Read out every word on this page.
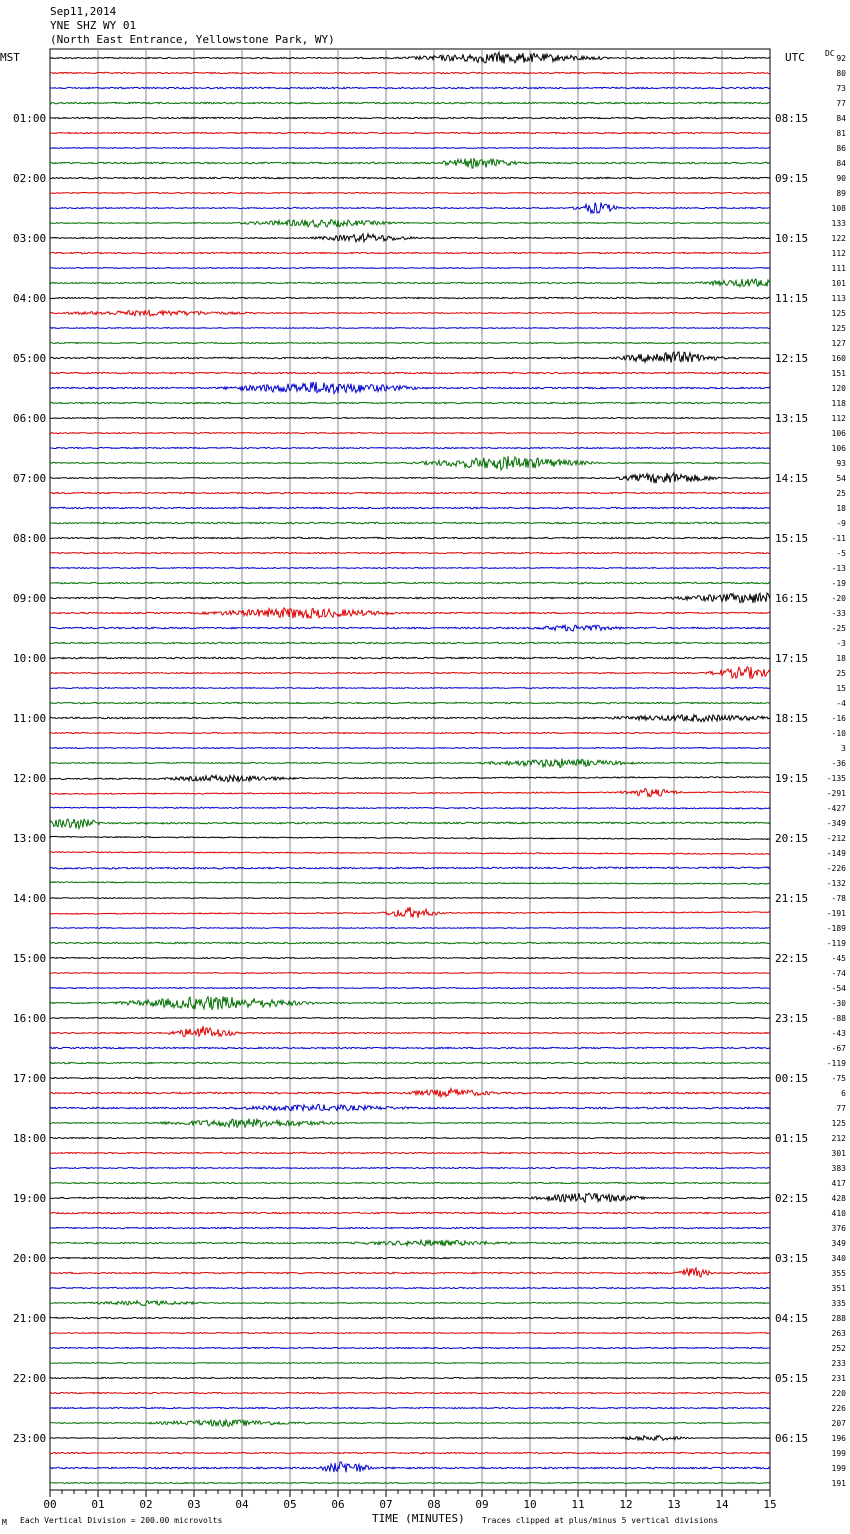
Sep11,2014
YNE SHZ WY 01
(North East Entrance, Yellowstone Park, WY)
MST	UTC	DC
00	01	02	03	04	05	06	07	08	09	10	11	12	13	14	15
92
80
73
77
84
81
86
84
90
89
108
133
122
112
111
101
113
125
125
127
160
151
120
118
112
106
106
93
54
25
18
-9
-11
-5
-13
-19
-20
-33
-25
-3
18
25
15
-4
-16
-10
3
-36
-135
-291
-427
-349
-212
-149
-226
-132
-78
-191
-189
-119
-45
-74
-54
-30
-88
-43
-67
-119
-75
6
77
125
212
301
383
417
428
410
376
349
340
355
351
335
288
263
252
233
231
220
226
207
196
199
199
191
01:00
02:00
03:00
04:00
05:00
06:00
07:00
08:00
09:00
10:00
11:00
12:00
13:00
14:00
15:00
16:00
17:00
18:00
19:00
20:00
21:00
22:00
23:00
08:15
09:15
10:15
11:15
12:15
13:15
14:15
15:15
16:15
17:15
18:15
19:15
20:15
21:15
22:15
23:15
00:15
01:15
02:15
03:15
04:15
05:15
06:15
TIME (MINUTES)
Each Vertical Division = 200.00 microvolts	Traces clipped at plus/minus 5 vertical divisions
M
